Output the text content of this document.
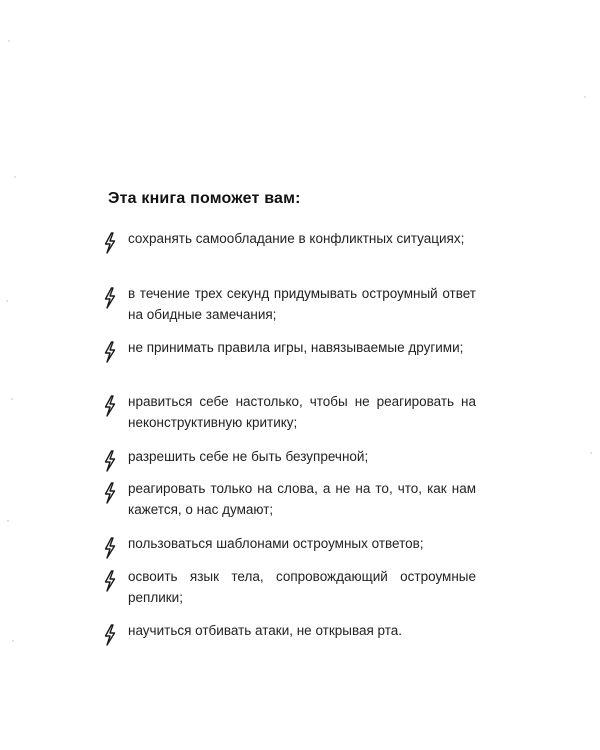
Эта книга поможет вам:

сохранять самообладание в конфликтных ситуациях;

в течение трех секунд придумывать остроумный ответ на обидные замечания;

не принимать правила игры, навязываемые другими;

нравиться себе настолько, чтобы не реагировать на неконструктивную критику;

разрешить себе не быть безупречной;

реагировать только на слова, а не на то, что, как нам кажется, о нас думают;

пользоваться шаблонами остроумных ответов;

освоить язык тела, сопровождающий остроумные реплики;

научиться отбивать атаки, не открывая рта.
